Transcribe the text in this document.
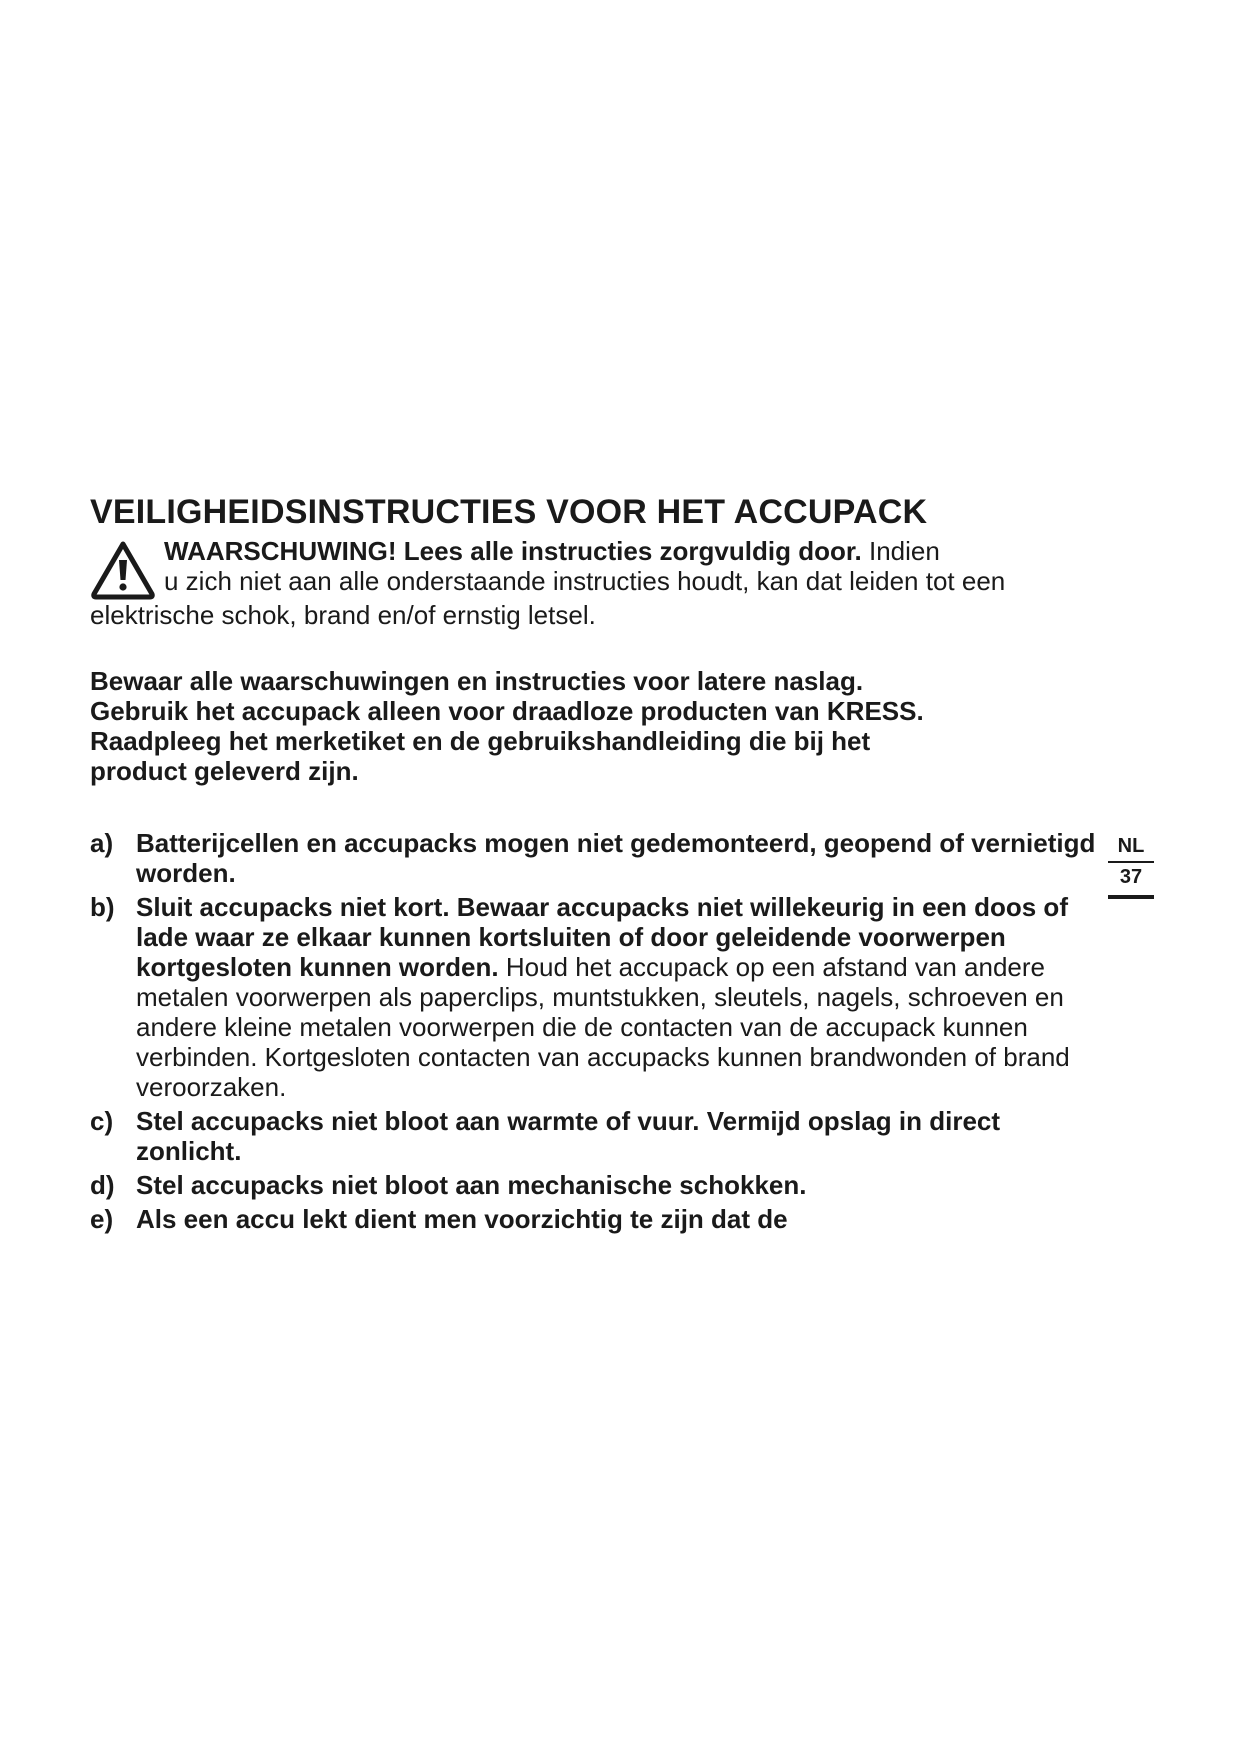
VEILIGHEIDSINSTRUCTIES VOOR HET ACCUPACK
WAARSCHUWING! Lees alle instructies zorgvuldig door. Indien
u zich niet aan alle onderstaande instructies houdt, kan dat leiden tot een
elektrische schok, brand en/of ernstig letsel.
Bewaar alle waarschuwingen en instructies voor latere naslag.
Gebruik het accupack alleen voor draadloze producten van KRESS.
Raadpleeg het merketiket en de gebruikshandleiding die bij het
product geleverd zijn.
a) Batterijcellen en accupacks mogen niet gedemonteerd, geopend of vernietigd worden.
b) Sluit accupacks niet kort. Bewaar accupacks niet willekeurig in een doos of lade waar ze elkaar kunnen kortsluiten of door geleidende voorwerpen kortgesloten kunnen worden. Houd het accupack op een afstand van andere metalen voorwerpen als paperclips, muntstukken, sleutels, nagels, schroeven en andere kleine metalen voorwerpen die de contacten van de accupack kunnen verbinden. Kortgesloten contacten van accupacks kunnen brandwonden of brand veroorzaken.
c) Stel accupacks niet bloot aan warmte of vuur. Vermijd opslag in direct zonlicht.
d) Stel accupacks niet bloot aan mechanische schokken.
e) Als een accu lekt dient men voorzichtig te zijn dat de
NL
37
